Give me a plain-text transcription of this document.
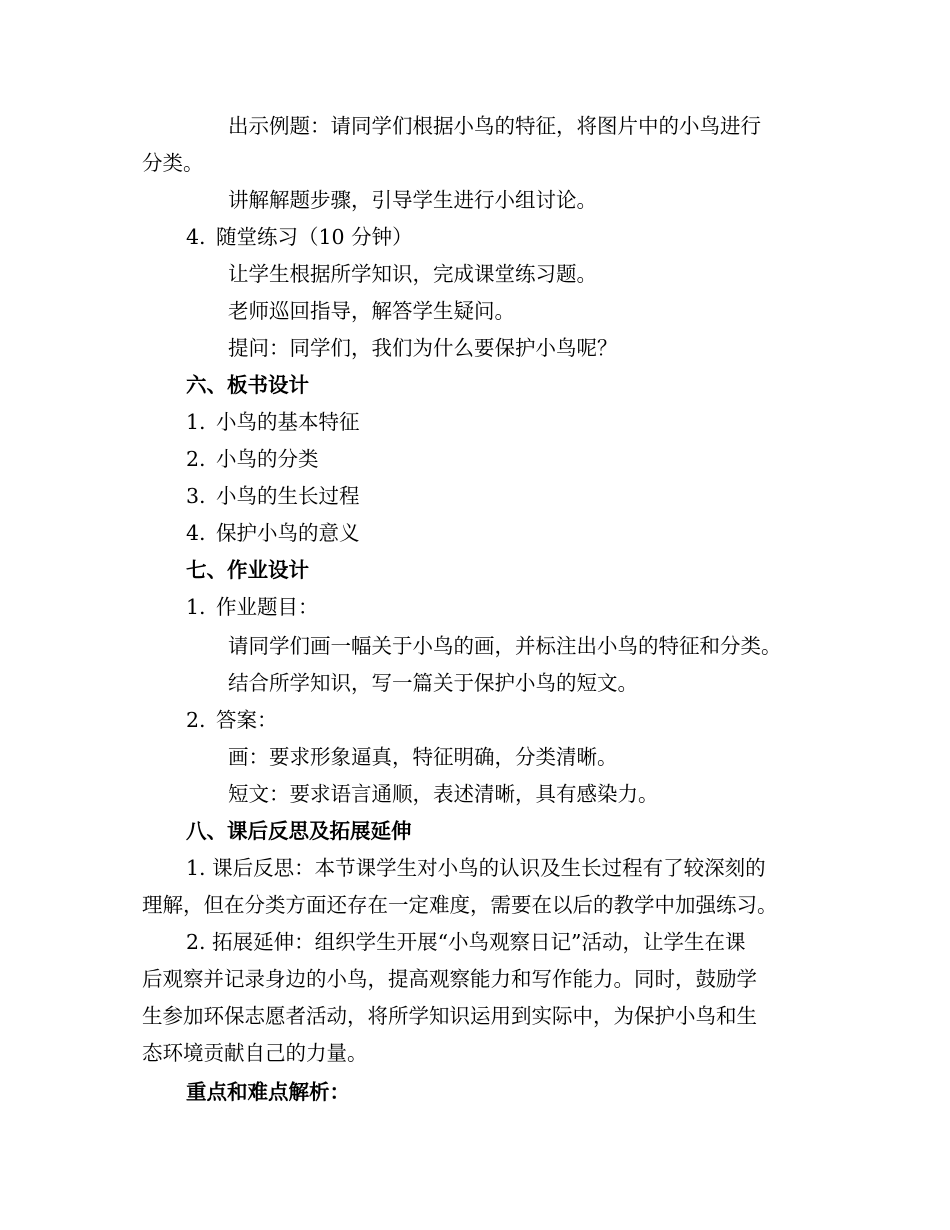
出示例题：请同学们根据小鸟的特征，将图片中的小鸟进行
分类。
讲解解题步骤，引导学生进行小组讨论。
4. 随堂练习（10 分钟）
让学生根据所学知识，完成课堂练习题。
老师巡回指导，解答学生疑问。
提问：同学们，我们为什么要保护小鸟呢？
六、板书设计
1. 小鸟的基本特征
2. 小鸟的分类
3. 小鸟的生长过程
4. 保护小鸟的意义
七、作业设计
1. 作业题目：
请同学们画一幅关于小鸟的画，并标注出小鸟的特征和分类。
结合所学知识，写一篇关于保护小鸟的短文。
2. 答案：
画：要求形象逼真，特征明确，分类清晰。
短文：要求语言通顺，表述清晰，具有感染力。
八、课后反思及拓展延伸
1. 课后反思：本节课学生对小鸟的认识及生长过程有了较深刻的
理解，但在分类方面还存在一定难度，需要在以后的教学中加强练习。
2. 拓展延伸：组织学生开展“小鸟观察日记”活动，让学生在课
后观察并记录身边的小鸟，提高观察能力和写作能力。同时，鼓励学
生参加环保志愿者活动，将所学知识运用到实际中，为保护小鸟和生
态环境贡献自己的力量。
重点和难点解析：
